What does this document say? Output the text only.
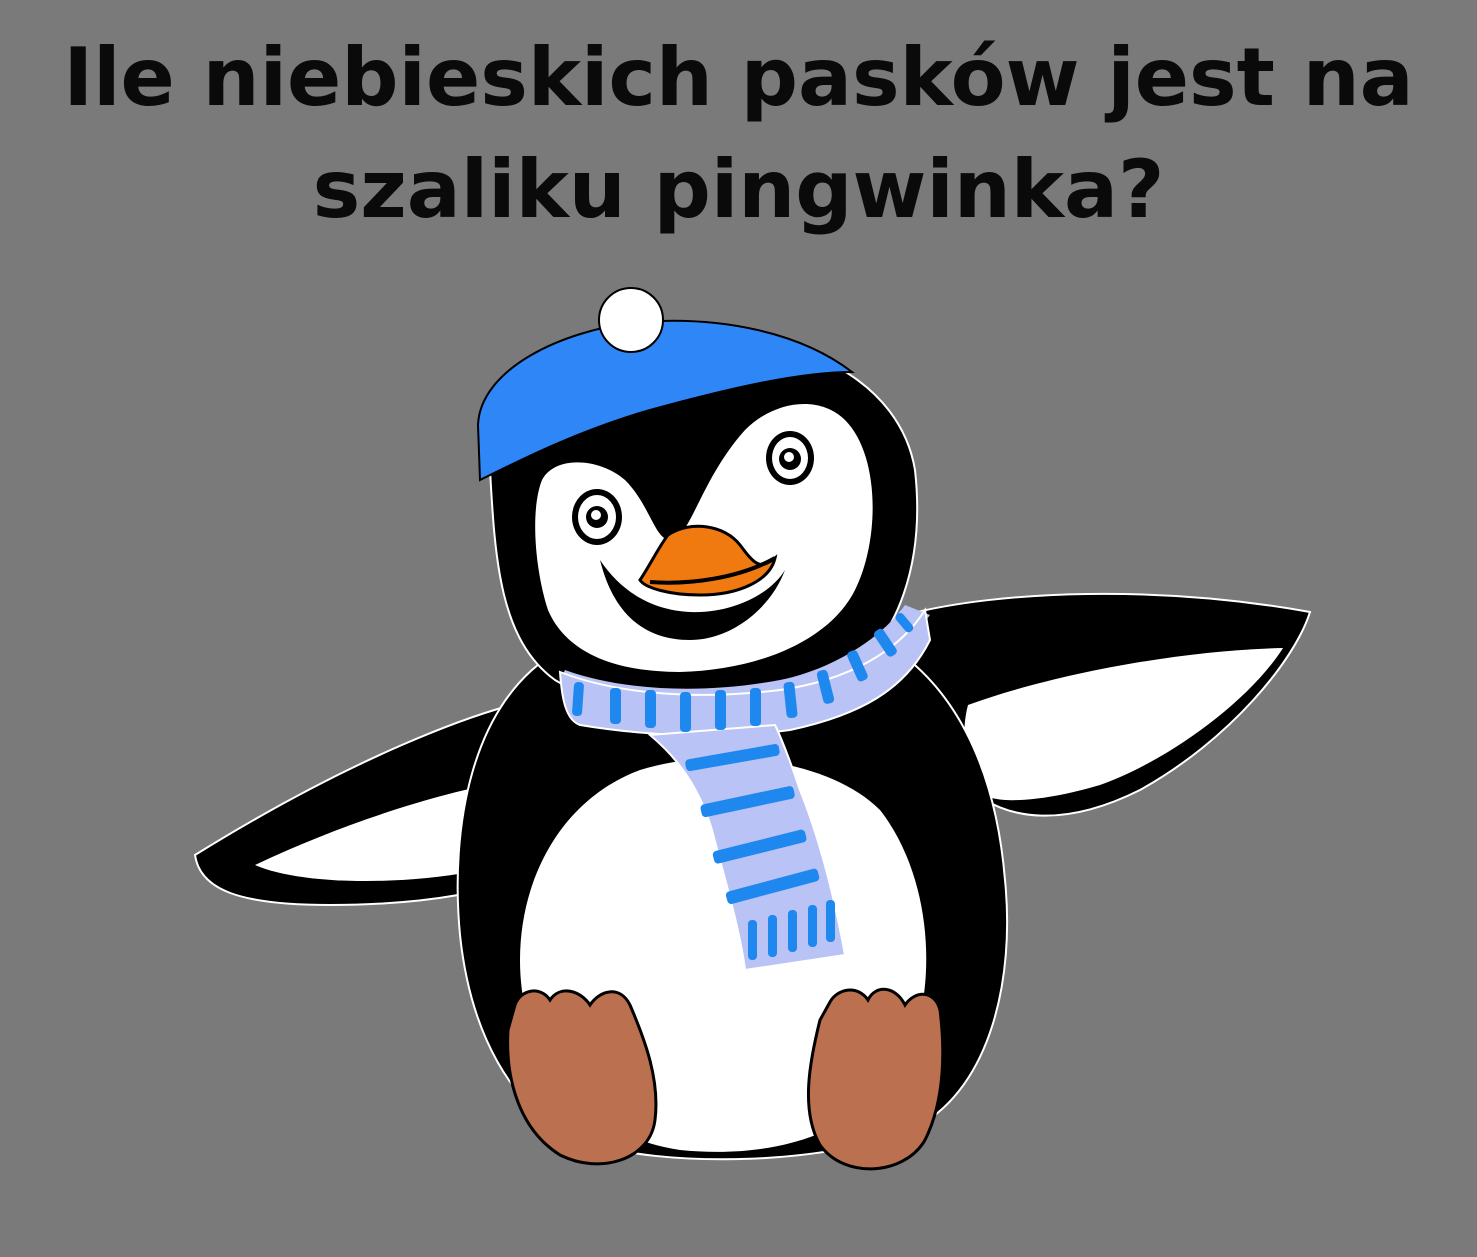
Ile niebieskich pasków jest na
szaliku pingwinka?
